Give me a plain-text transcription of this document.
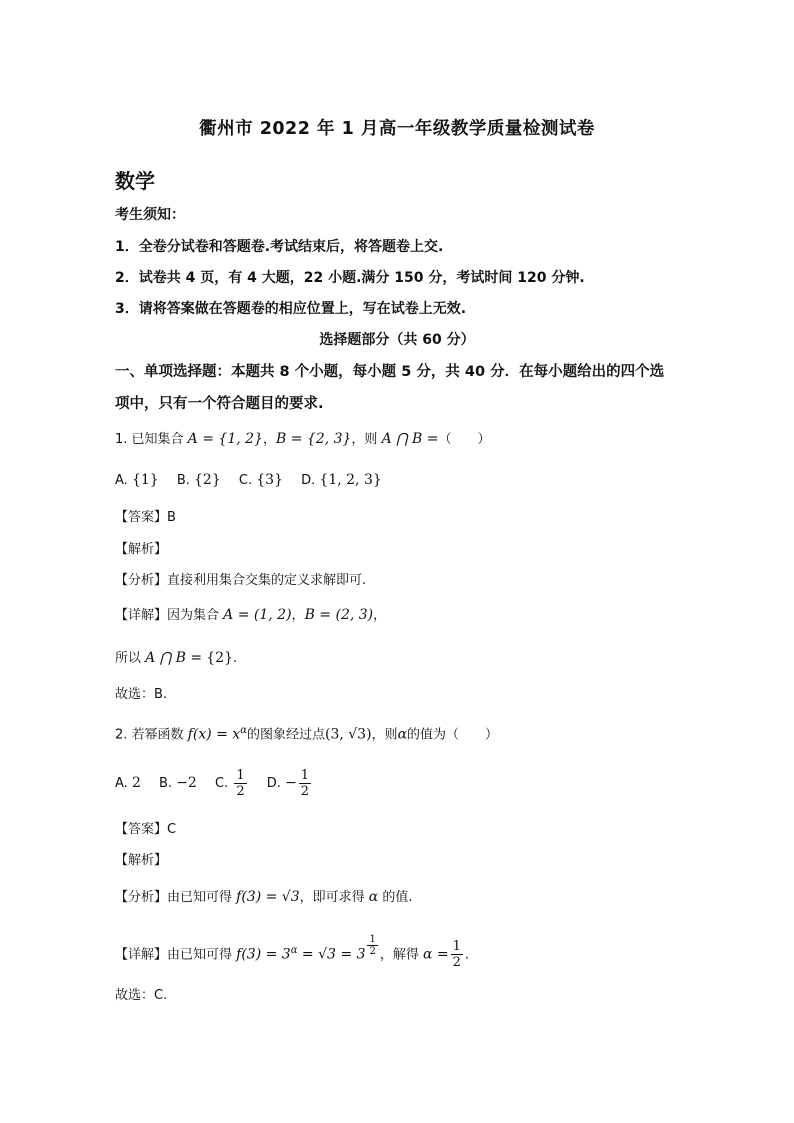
衢州市 2022 年 1 月高一年级教学质量检测试卷
数学
考生须知：
1．全卷分试卷和答题卷.考试结束后，将答题卷上交.
2．试卷共 4 页，有 4 大题，22 小题.满分 150 分，考试时间 120 分钟.
3．请将答案做在答题卷的相应位置上，写在试卷上无效.
选择题部分（共 60 分）
一、单项选择题：本题共 8 个小题，每小题 5 分，共 40 分．在每小题给出的四个选
项中，只有一个符合题目的要求.
1. 已知集合 A = {1, 2}，B = {2, 3}，则 A ⋂ B =（　　）
A. {1} B. {2} C. {3} D. {1, 2, 3}
【答案】B
【解析】
【分析】直接利用集合交集的定义求解即可.
【详解】因为集合 A = (1, 2)，B = (2, 3)，
所以 A ⋂ B = {2}.
故选：B.
2. 若幂函数 $f(x) = x^\alpha$的图象经过点(3, √3)，则α的值为（　　）
A. 2 B. −2 C. $\frac{1}{2} D$. − $\frac{1}{2}$
【答案】C
【解析】
【分析】由已知可得 f(3) = √3，即可求得 α 的值.
【详解】由已知可得 $f(3) = 3^\alpha = √3 = 3 \frac{1}{2}$ ，解得 $\alpha = \frac{1}{2}$ .
故选：C.
